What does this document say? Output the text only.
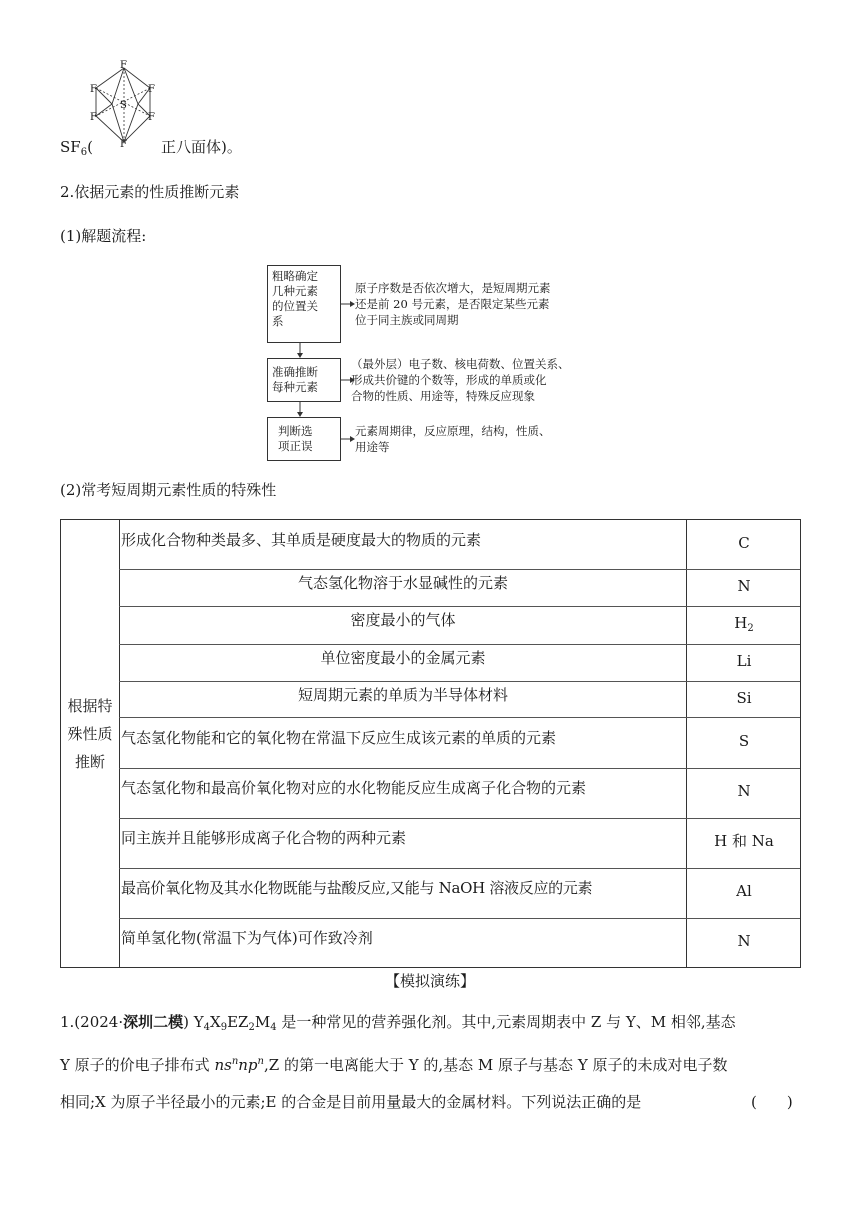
F
F	F
S
F	F
$SF_6$(	F 正八面体)。
2.依据元素的性质推断元素
(1)解题流程:
粗略确定
几种元素
的位置关
系
准确推断
每种元素
判断选
项正误
原子序数是否依次增大，是短周期元素
还是前 20 号元素，是否限定某些元素
位于同主族或同周期
（最外层）电子数、核电荷数、位置关系、
形成共价键的个数等，形成的单质或化
合物的性质、用途等，特殊反应现象
元素周期律，反应原理，结构，性质、
用途等
(2)常考短周期元素性质的特殊性
根据特
殊性质
推断
形成化合物种类最多、其单质是硬度最大的物质的元素	C
气态氢化物溶于水显碱性的元素	N
密度最小的气体	$H_2$
单位密度最小的金属元素	Li
短周期元素的单质为半导体材料	Si
气态氢化物能和它的氧化物在常温下反应生成该元素的单质的元素	S
气态氢化物和最高价氧化物对应的水化物能反应生成离子化合物的元素	N
同主族并且能够形成离子化合物的两种元素	H 和 Na
最高价氧化物及其水化物既能与盐酸反应,又能与 NaOH 溶液反应的元素	Al
简单氢化物(常温下为气体)可作致冷剂	N
【模拟演练】
1.(2024·深圳二模) $Y_4X_9EZ_2M_4$ 是一种常见的营养强化剂。其中,元素周期表中 Z 与 Y、M 相邻,基态
Y 原子的价电子排布式 $ns^nnp^n,Z$ 的第一电离能大于 Y 的,基态 M 原子与基态 Y 原子的未成对电子数
相同;X 为原子半径最小的元素;E 的合金是目前用量最大的金属材料。下列说法正确的是	(　　)
